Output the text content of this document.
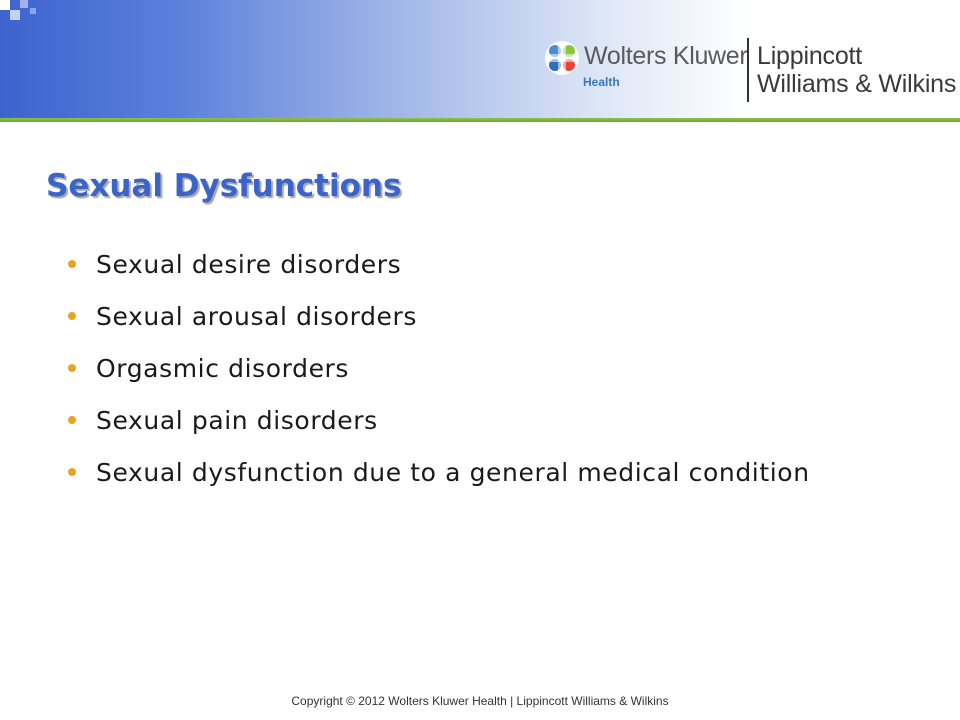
Wolters Kluwer
Health
Lippincott
Williams & Wilkins
Sexual Dysfunctions
Sexual desire disorders
Sexual arousal disorders
Orgasmic disorders
Sexual pain disorders
Sexual dysfunction due to a general medical condition
Copyright © 2012 Wolters Kluwer Health | Lippincott Williams & Wilkins
